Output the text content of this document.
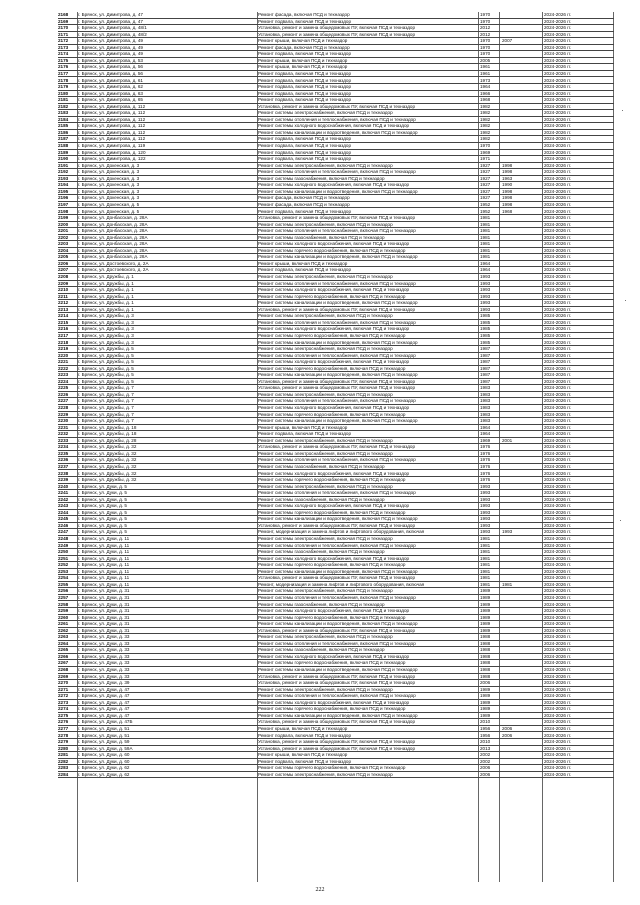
2168	г. Брянск, ул. Димитрова, д. 47	Ремонт фасада, включая ПСД и техназдор	1970	2024-2026 гг.
2169	г. Брянск, ул. Димитрова, д. 47	Ремонт подвала, включая ПСД и техназдор	1970	2024-2026 гг.
2170	г. Брянск, ул. Димитрова, д. 48/1	Установка, ремонт и замена общедомовых ПУ, включая ПСД и техназдор	2012	2024-2026 гг.
2171	г. Брянск, ул. Димитрова, д. 48/2	Установка, ремонт и замена общедомовых ПУ, включая ПСД и техназдор	2012	2024-2026 гг.
2172	г. Брянск, ул. Димитрова, д. 49	Ремонт крыши, включая ПСД и техназдор	1970	2007	2024-2026 гг.
2173	г. Брянск, ул. Димитрова, д. 49	Ремонт фасада, включая ПСД и техназдор	1970	2024-2026 гг.
2174	г. Брянск, ул. Димитрова, д. 49	Ремонт подвала, включая ПСД и техназдор	1970	2024-2026 гг.
2175	г. Брянск, ул. Димитрова, д. 53	Ремонт крыши, включая ПСД и техназдор	2005	2024-2026 гг.
2176	г. Брянск, ул. Димитрова, д. 56	Ремонт крыши, включая ПСД и техназдор	1961	2024-2026 гг.
2177	г. Брянск, ул. Димитрова, д. 56	Ремонт подвала, включая ПСД и техназдор	1961	2024-2026 гг.
2178	г. Брянск, ул. Димитрова, д. 61	Ремонт подвала, включая ПСД и техназдор	1973	2024-2026 гг.
2179	г. Брянск, ул. Димитрова, д. 62	Ремонт подвала, включая ПСД и техназдор	1964	2024-2026 гг.
2180	г. Брянск, ул. Димитрова, д. 63	Ремонт подвала, включая ПСД и техназдор	1966	2024-2026 гг.
2181	г. Брянск, ул. Димитрова, д. 65	Ремонт подвала, включая ПСД и техназдор	1968	2024-2026 гг.
2182	г. Брянск, ул. Димитрова, д. 112	Установка, ремонт и замена общедомовых ПУ, включая ПСД и техназдор	1982	2024-2026 гг.
2183	г. Брянск, ул. Димитрова, д. 112	Ремонт системы электроснабжения, включая ПСД и техназдор	1982	2024-2026 гг.
2184	г. Брянск, ул. Димитрова, д. 112	Ремонт системы отопления и теплоснабжения, включая ПСД и техназдор	1982	2024-2026 гг.
2185	г. Брянск, ул. Димитрова, д. 112	Ремонт системы холодного водоснабжения, включая ПСД и техназдор	1982	2024-2026 гг.
2186	г. Брянск, ул. Димитрова, д. 112	Ремонт системы канализации и водоотведения, включая ПСД и техназдор	1982	2024-2026 гг.
2187	г. Брянск, ул. Димитрова, д. 112	Ремонт подвала, включая ПСД и техназдор	1982	2024-2026 гг.
2188	г. Брянск, ул. Димитрова, д. 119	Ремонт подвала, включая ПСД и техназдор	1970	2024-2026 гг.
2189	г. Брянск, ул. Димитрова, д. 120	Ремонт подвала, включая ПСД и техназдор	1969	2024-2026 гг.
2190	г. Брянск, ул. Димитрова, д. 122	Ремонт подвала, включая ПСД и техназдор	1971	2024-2026 гг.
2191	г. Брянск, ул. Докенская, д. 3	Ремонт системы электроснабжения, включая ПСД и техназдор	1927	1998	2024-2026 гг.
2192	г. Брянск, ул. Докенская, д. 3	Ремонт системы отопления и теплоснабжения, включая ПСД и техназдор	1927	1998	2024-2026 гг.
2193	г. Брянск, ул. Докенская, д. 3	Ремонт системы газоснабжения, включая ПСД и техназдор	1927	1963	2024-2026 гг.
2194	г. Брянск, ул. Докенская, д. 3	Ремонт системы холодного водоснабжения, включая ПСД и техназдор	1927	1990	2024-2026 гг.
2195	г. Брянск, ул. Докенская, д. 3	Ремонт системы канализации и водоотведения, включая ПСД и техназдор	1927	1998	2024-2026 гг.
2196	г. Брянск, ул. Докенская, д. 3	Ремонт фасада, включая ПСД и техназдор	1927	1998	2024-2026 гг.
2197	г. Брянск, ул. Докенская, д. 5	Ремонт фасада, включая ПСД и техназдор	1952	1998	2024-2026 гг.
2198	г. Брянск, ул. Докенская, д. 5	Ремонт подвала, включая ПСД и техназдор	1952	1968	2024-2026 гг.
2199	г. Брянск, ул. Донбасская, д. 28А	Установка, ремонт и замена общедомовых ПУ, включая ПСД и техназдор	1981	2024-2026 гг.
2200	г. Брянск, ул. Донбасская, д. 28А	Ремонт системы электроснабжения, включая ПСД и техназдор	1981	2024-2026 гг.
2201	г. Брянск, ул. Донбасская, д. 28А	Ремонт системы отопления и теплоснабжения, включая ПСД и техназдор	1981	2024-2026 гг.
2202	г. Брянск, ул. Донбасская, д. 28А	Ремонт системы газоснабжения, включая ПСД и техназдор	1981	2024-2026 гг.
2203	г. Брянск, ул. Донбасская, д. 28А	Ремонт системы холодного водоснабжения, включая ПСД и техназдор	1981	2024-2026 гг.
2204	г. Брянск, ул. Донбасская, д. 28А	Ремонт системы горячего водоснабжения, включая ПСД и техназдор	1981	2024-2026 гг.
2205	г. Брянск, ул. Донбасская, д. 28А	Ремонт системы канализации и водоотведения, включая ПСД и техназдор	1981	2024-2026 гг.
2206	г. Брянск, ул. Достоевского, д. 2А	Ремонт крыши, включая ПСД и техназдор	1964	2024-2026 гг.
2207	г. Брянск, ул. Достоевского, д. 2А	Ремонт подвала, включая ПСД и техназдор	1964	2024-2026 гг.
2208	г. Брянск, ул. Дружбы, д. 1	Ремонт системы электроснабжения, включая ПСД и техназдор	1993	2024-2026 гг.
2209	г. Брянск, ул. Дружбы, д. 1	Ремонт системы отопления и теплоснабжения, включая ПСД и техназдор	1993	2024-2026 гг.
2210	г. Брянск, ул. Дружбы, д. 1	Ремонт системы холодного водоснабжения, включая ПСД и техназдор	1993	2024-2026 гг.
2211	г. Брянск, ул. Дружбы, д. 1	Ремонт системы горячего водоснабжения, включая ПСД и техназдор	1993	2024-2026 гг.
2212	г. Брянск, ул. Дружбы, д. 1	Ремонт системы канализации и водоотведения, включая ПСД и техназдор	1993	2024-2026 гг.
2213	г. Брянск, ул. Дружбы, д. 1	Установка, ремонт и замена общедомовых ПУ, включая ПСД и техназдор	1993	2024-2026 гг.
2214	г. Брянск, ул. Дружбы, д. 3	Ремонт системы электроснабжения, включая ПСД и техназдор	1985	2024-2026 гг.
2215	г. Брянск, ул. Дружбы, д. 3	Ремонт системы отопления и теплоснабжения, включая ПСД и техназдор	1985	2024-2026 гг.
2216	г. Брянск, ул. Дружбы, д. 3	Ремонт системы холодного водоснабжения, включая ПСД и техназдор	1985	2024-2026 гг.
2217	г. Брянск, ул. Дружбы, д. 3	Ремонт системы горячего водоснабжения, включая ПСД и техназдор	1985	2024-2026 гг.
2218	г. Брянск, ул. Дружбы, д. 3	Ремонт системы канализации и водоотведения, включая ПСД и техназдор	1985	2024-2026 гг.
2219	г. Брянск, ул. Дружбы, д. 5	Ремонт системы электроснабжения, включая ПСД и техназдор	1987	2024-2026 гг.
2220	г. Брянск, ул. Дружбы, д. 5	Ремонт системы отопления и теплоснабжения, включая ПСД и техназдор	1987	2024-2026 гг.
2221	г. Брянск, ул. Дружбы, д. 5	Ремонт системы холодного водоснабжения, включая ПСД и техназдор	1987	2024-2026 гг.
2222	г. Брянск, ул. Дружбы, д. 5	Ремонт системы горячего водоснабжения, включая ПСД и техназдор	1987	2024-2026 гг.
2223	г. Брянск, ул. Дружбы, д. 5	Ремонт системы канализации и водоотведения, включая ПСД и техназдор	1987	2024-2026 гг.
2224	г. Брянск, ул. Дружбы, д. 5	Установка, ремонт и замена общедомовых ПУ, включая ПСД и техназдор	1987	2024-2026 гг.
2225	г. Брянск, ул. Дружбы, д. 7	Установка, ремонт и замена общедомовых ПУ, включая ПСД и техназдор	1983	2024-2026 гг.
2226	г. Брянск, ул. Дружбы, д. 7	Ремонт системы электроснабжения, включая ПСД и техназдор	1983	2024-2026 гг.
2227	г. Брянск, ул. Дружбы, д. 7	Ремонт системы отопления и теплоснабжения, включая ПСД и техназдор	1983	2024-2026 гг.
2228	г. Брянск, ул. Дружбы, д. 7	Ремонт системы холодного водоснабжения, включая ПСД и техназдор	1983	2024-2026 гг.
2229	г. Брянск, ул. Дружбы, д. 7	Ремонт системы горячего водоснабжения, включая ПСД и техназдор	1983	2024-2026 гг.
2230	г. Брянск, ул. Дружбы, д. 7	Ремонт системы канализации и водоотведения, включая ПСД и техназдор	1983	2024-2026 гг.
2231	г. Брянск, ул. Дружбы, д. 18	Ремонт крыши, включая ПСД и техназдор	1964	2024-2026 гг.
2232	г. Брянск, ул. Дружбы, д. 18	Ремонт подвала, включая ПСД и техназдор	1964	2024-2026 гг.
2233	г. Брянск, ул. Дружбы, д. 28	Ремонт системы электроснабжения, включая ПСД и техназдор	1969	2001	2024-2026 гг.
2234	г. Брянск, ул. Дружбы, д. 32	Установка, ремонт и замена общедомовых ПУ, включая ПСД и техназдор	1976	2024-2026 гг.
2235	г. Брянск, ул. Дружбы, д. 32	Ремонт системы электроснабжения, включая ПСД и техназдор	1976	2024-2026 гг.
2236	г. Брянск, ул. Дружбы, д. 32	Ремонт системы отопления и теплоснабжения, включая ПСД и техназдор	1976	2024-2026 гг.
2237	г. Брянск, ул. Дружбы, д. 32	Ремонт системы газоснабжения, включая ПСД и техназдор	1976	2024-2026 гг.
2238	г. Брянск, ул. Дружбы, д. 32	Ремонт системы холодного водоснабжения, включая ПСД и техназдор	1976	2024-2026 гг.
2239	г. Брянск, ул. Дружбы, д. 32	Ремонт системы горячего водоснабжения, включая ПСД и техназдор	1976	2024-2026 гг.
2240	г. Брянск, ул. Дуки, д. 5	Ремонт системы электроснабжения, включая ПСД и техназдор	1993	2024-2026 гг.
2241	г. Брянск, ул. Дуки, д. 5	Ремонт системы отопления и теплоснабжения, включая ПСД и техназдор	1993	2024-2026 гг.
2242	г. Брянск, ул. Дуки, д. 5	Ремонт системы газоснабжения, включая ПСД и техназдор	1993	2024-2026 гг.
2243	г. Брянск, ул. Дуки, д. 5	Ремонт системы холодного водоснабжения, включая ПСД и техназдор	1993	2024-2026 гг.
2244	г. Брянск, ул. Дуки, д. 5	Ремонт системы горячего водоснабжения, включая ПСД и техназдор	1993	2024-2026 гг.
2245	г. Брянск, ул. Дуки, д. 5	Ремонт системы канализации и водоотведения, включая ПСД и техназдор	1993	2024-2026 гг.
2246	г. Брянск, ул. Дуки, д. 5	Установка, ремонт и замена общедомовых ПУ, включая ПСД и техназдор	1993	2024-2026 гг.
2247	г. Брянск, ул. Дуки, д. 5	Ремонт, модернизация и замена лифтов и лифтового оборудования, включая	1993	1993	2024-2026 гг.
2248	г. Брянск, ул. Дуки, д. 11	Ремонт системы электроснабжения, включая ПСД и техназдор	1981	2024-2026 гг.
2249	г. Брянск, ул. Дуки, д. 11	Ремонт системы отопления и теплоснабжения, включая ПСД и техназдор	1981	2024-2026 гг.
2250	г. Брянск, ул. Дуки, д. 11	Ремонт системы газоснабжения, включая ПСД и техназдор	1981	2024-2026 гг.
2251	г. Брянск, ул. Дуки, д. 11	Ремонт системы холодного водоснабжения, включая ПСД и техназдор	1981	2024-2026 гг.
2252	г. Брянск, ул. Дуки, д. 11	Ремонт системы горячего водоснабжения, включая ПСД и техназдор	1981	2024-2026 гг.
2253	г. Брянск, ул. Дуки, д. 11	Ремонт системы канализации и водоотведения, включая ПСД и техназдор	1981	2024-2026 гг.
2254	г. Брянск, ул. Дуки, д. 11	Установка, ремонт и замена общедомовых ПУ, включая ПСД и техназдор	1981	2024-2026 гг.
2255	г. Брянск, ул. Дуки, д. 11	Ремонт, модернизация и замена лифтов и лифтового оборудования, включая	1981	1981	2024-2026 гг.
2256	г. Брянск, ул. Дуки, д. 31	Ремонт системы электроснабжения, включая ПСД и техназдор	1989	2024-2026 гг.
2257	г. Брянск, ул. Дуки, д. 31	Ремонт системы отопления и теплоснабжения, включая ПСД и техназдор	1989	2024-2026 гг.
2258	г. Брянск, ул. Дуки, д. 31	Ремонт системы газоснабжения, включая ПСД и техназдор	1989	2024-2026 гг.
2259	г. Брянск, ул. Дуки, д. 31	Ремонт системы холодного водоснабжения, включая ПСД и техназдор	1989	2024-2026 гг.
2260	г. Брянск, ул. Дуки, д. 31	Ремонт системы горячего водоснабжения, включая ПСД и техназдор	1989	2024-2026 гг.
2261	г. Брянск, ул. Дуки, д. 31	Ремонт системы канализации и водоотведения, включая ПСД и техназдор	1989	2024-2026 гг.
2262	г. Брянск, ул. Дуки, д. 31	Установка, ремонт и замена общедомовых ПУ, включая ПСД и техназдор	1989	2024-2026 гг.
2263	г. Брянск, ул. Дуки, д. 33	Ремонт системы электроснабжения, включая ПСД и техназдор	1988	2024-2026 гг.
2264	г. Брянск, ул. Дуки, д. 33	Ремонт системы отопления и теплоснабжения, включая ПСД и техназдор	1988	2024-2026 гг.
2265	г. Брянск, ул. Дуки, д. 33	Ремонт системы газоснабжения, включая ПСД и техназдор	1988	2024-2026 гг.
2266	г. Брянск, ул. Дуки, д. 33	Ремонт системы холодного водоснабжения, включая ПСД и техназдор	1988	2024-2026 гг.
2267	г. Брянск, ул. Дуки, д. 33	Ремонт системы горячего водоснабжения, включая ПСД и техназдор	1988	2024-2026 гг.
2268	г. Брянск, ул. Дуки, д. 33	Ремонт системы канализации и водоотведения, включая ПСД и техназдор	1988	2024-2026 гг.
2269	г. Брянск, ул. Дуки, д. 33	Установка, ремонт и замена общедомовых ПУ, включая ПСД и техназдор	1988	2024-2026 гг.
2270	г. Брянск, ул. Дуки, д. 39	Установка, ремонт и замена общедомовых ПУ, включая ПСД и техназдор	2006	2024-2026 гг.
2271	г. Брянск, ул. Дуки, д. 47	Ремонт системы электроснабжения, включая ПСД и техназдор	1989	2024-2026 гг.
2272	г. Брянск, ул. Дуки, д. 47	Ремонт системы отопления и теплоснабжения, включая ПСД и техназдор	1989	2024-2026 гг.
2273	г. Брянск, ул. Дуки, д. 47	Ремонт системы холодного водоснабжения, включая ПСД и техназдор	1989	2024-2026 гг.
2274	г. Брянск, ул. Дуки, д. 47	Ремонт системы горячего водоснабжения, включая ПСД и техназдор	1989	2024-2026 гг.
2275	г. Брянск, ул. Дуки, д. 47	Ремонт системы канализации и водоотведения, включая ПСД и техназдор	1989	2024-2026 гг.
2276	г. Брянск, ул. Дуки, д. 47Б	Установка, ремонт и замена общедомовых ПУ, включая ПСД и техназдор	2010	2024-2026 гг.
2277	г. Брянск, ул. Дуки, д. 51	Ремонт крыши, включая ПСД и техназдор	1956	2006	2024-2026 гг.
2278	г. Брянск, ул. Дуки, д. 51	Ремонт подвала, включая ПСД и техназдор	1956	2006	2024-2026 гг.
2279	г. Брянск, ул. Дуки, д. 59	Установка, ремонт и замена общедомовых ПУ, включая ПСД и техназдор	2010	2024-2026 гг.
2280	г. Брянск, ул. Дуки, д. 59А	Установка, ремонт и замена общедомовых ПУ, включая ПСД и техназдор	2013	2024-2026 гг.
2281	г. Брянск, ул. Дуки, д. 60	Ремонт крыши, включая ПСД и техназдор	2002	2024-2026 гг.
2282	г. Брянск, ул. Дуки, д. 60	Ремонт подвала, включая ПСД и техназдор	2002	2024-2026 гг.
2283	г. Брянск, ул. Дуки, д. 62	Ремонт системы горячего водоснабжения, включая ПСД и техназдор	2006	2024-2026 гг.
2284	г. Брянск, ул. Дуки, д. 62	Ремонт системы электроснабжения, включая ПСД и техназдор	2006	2024-2026 гг.
222
